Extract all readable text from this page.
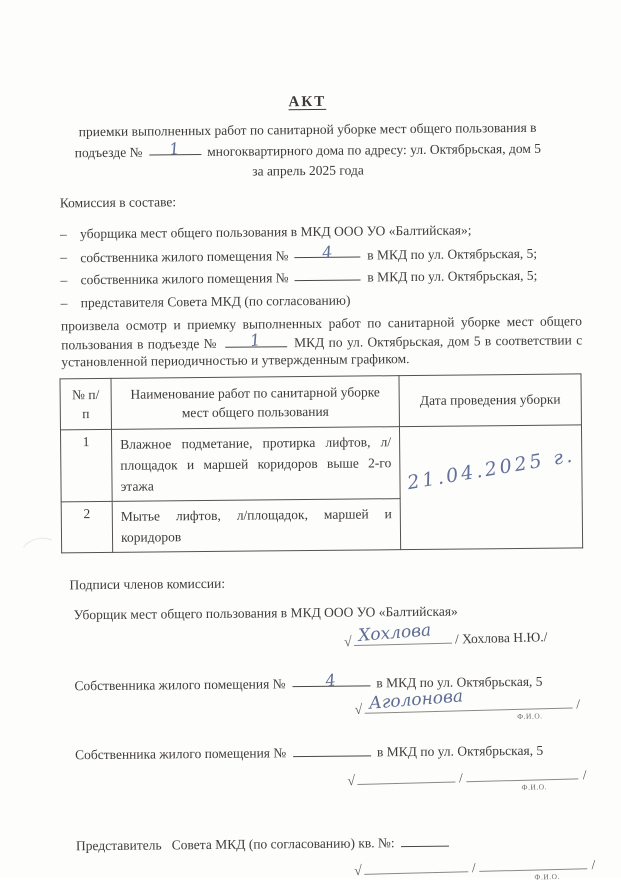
АКТ
приемки выполненных работ по санитарной уборке мест общего пользования в
подъезде № 1 многоквартирного дома по адресу: ул. Октябрьская, дом 5
за апрель 2025 года
Комиссия в составе:
– уборщика мест общего пользования в МКД ООО УО «Балтийская»;
– собственника жилого помещения № 4 в МКД по ул. Октябрьская, 5;
– собственника жилого помещения №	в МКД по ул. Октябрьская, 5;
– представителя Совета МКД (по согласованию)
произвела осмотр и приемку выполненных работ по санитарной уборке мест общего пользования в подъезде № 1 МКД по ул. Октябрьская, дом 5 в соответствии с установленной периодичностью и утвержденным графиком.
№ п/п	Наименование работ по санитарной уборке мест общего пользования	Дата проведения уборки
1	Влажное подметание, протирка лифтов, л/площадок и маршей коридоров выше 2-го этажа	21.04.2025 г.

2	Мытье лифтов, л/площадок, маршей и коридоров	
Подписи членов комиссии:
Уборщик мест общего пользования в МКД ООО УО «Балтийская»
√ Хохлова / Хохлова Н.Ю./
Собственника жилого помещения № 4	в МКД по ул. Октябрьская, 5
√ Аголонова
Ф.И.О.
/
Собственника жилого помещения №	в МКД по ул. Октябрьская, 5
√	/
Ф.И.О.
/
Представитель   Совета МКД (по согласованию) кв. №:
√	/
Ф.И.О.
/
